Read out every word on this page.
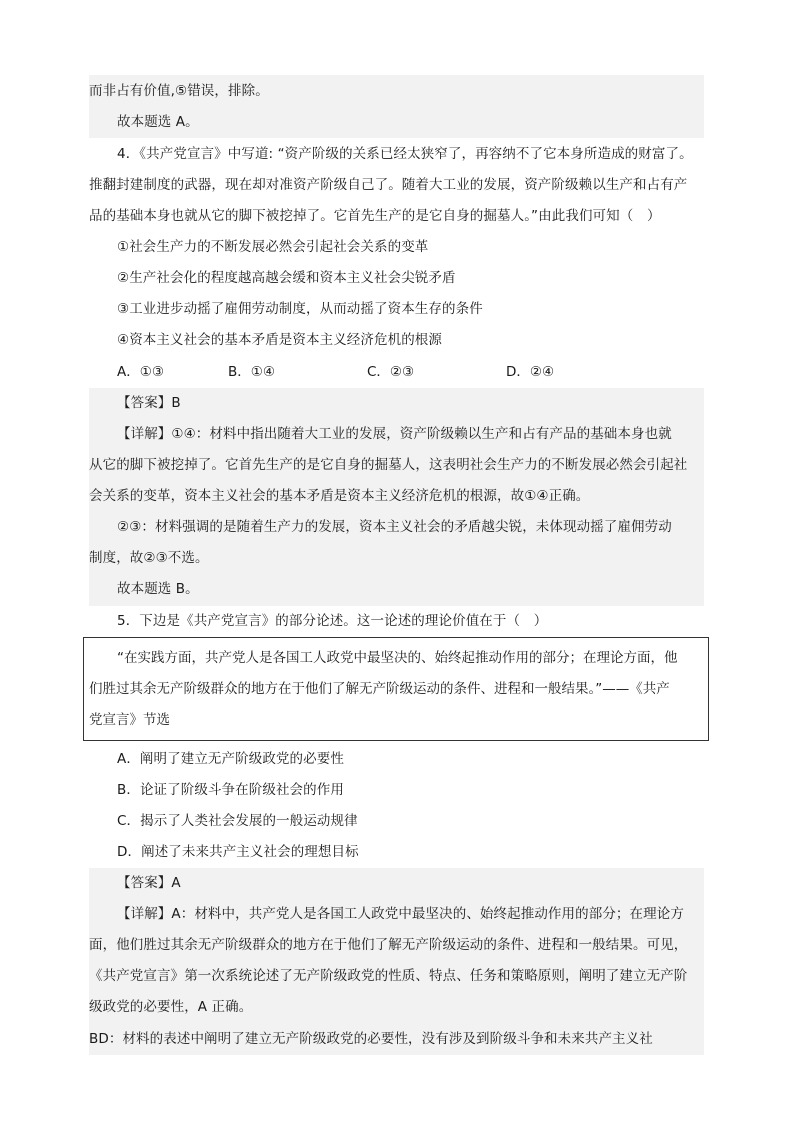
而非占有价值,⑤错误，排除。
故本题选 A。
4．《共产党宣言》中写道: “资产阶级的关系已经太狭窄了，再容纳不了它本身所造成的财富了。
推翻封建制度的武器，现在却对准资产阶级自己了。随着大工业的发展，资产阶级赖以生产和占有产
品的基础本身也就从它的脚下被挖掉了。它首先生产的是它自身的掘墓人。”由此我们可知（　）
①社会生产力的不断发展必然会引起社会关系的变革
②生产社会化的程度越高越会缓和资本主义社会尖锐矛盾
③工业进步动摇了雇佣劳动制度，从而动摇了资本生存的条件
④资本主义社会的基本矛盾是资本主义经济危机的根源
A．①③	B．①④	C．②③	D．②④
【答案】B
【详解】①④：材料中指出随着大工业的发展，资产阶级赖以生产和占有产品的基础本身也就
从它的脚下被挖掉了。它首先生产的是它自身的掘墓人，这表明社会生产力的不断发展必然会引起社
会关系的变革，资本主义社会的基本矛盾是资本主义经济危机的根源，故①④正确。
②③：材料强调的是随着生产力的发展，资本主义社会的矛盾越尖锐，未体现动摇了雇佣劳动
制度，故②③不选。
故本题选 B。
5．下边是《共产党宣言》的部分论述。这一论述的理论价值在于（　）
“在实践方面，共产党人是各国工人政党中最坚决的、始终起推动作用的部分；在理论方面，他
们胜过其余无产阶级群众的地方在于他们了解无产阶级运动的条件、进程和一般结果。”——《共产
党宣言》节选
A．阐明了建立无产阶级政党的必要性
B．论证了阶级斗争在阶级社会的作用
C．揭示了人类社会发展的一般运动规律
D．阐述了未来共产主义社会的理想目标
【答案】A
【详解】A：材料中，共产党人是各国工人政党中最坚决的、始终起推动作用的部分；在理论方
面，他们胜过其余无产阶级群众的地方在于他们了解无产阶级运动的条件、进程和一般结果。可见，
《共产党宣言》第一次系统论述了无产阶级政党的性质、特点、任务和策略原则，阐明了建立无产阶
级政党的必要性，A 正确。
BD：材料的表述中阐明了建立无产阶级政党的必要性，没有涉及到阶级斗争和未来共产主义社
